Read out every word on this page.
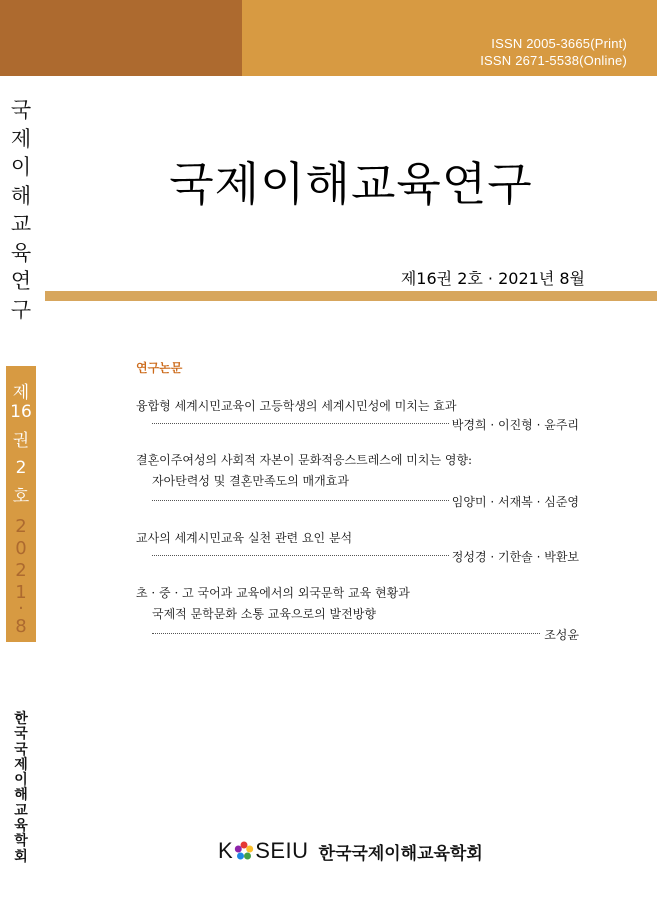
ISSN 2005-3665(Print)
ISSN 2671-5538(Online)
국
제
이
해
교
육
연
구
제
16
권
2
호
2
0
2
1
·
8
한
국
국
제
이
해
교
육
학
회
국제이해교육연구
제16권 2호 · 2021년 8월
연구논문
융합형 세계시민교육이 고등학생의 세계시민성에 미치는 효과
박경희 · 이진형 · 윤주리
결혼이주여성의 사회적 자본이 문화적응스트레스에 미치는 영향:
자아탄력성 및 결혼만족도의 매개효과
임양미 · 서재복 · 심준영
교사의 세계시민교육 실천 관련 요인 분석
정성경 · 기한솔 · 박환보
초 · 중 · 고 국어과 교육에서의 외국문학 교육 현황과
국제적 문학문화 소통 교육으로의 발전방향
조성윤
K SEIU 한국국제이해교육학회
